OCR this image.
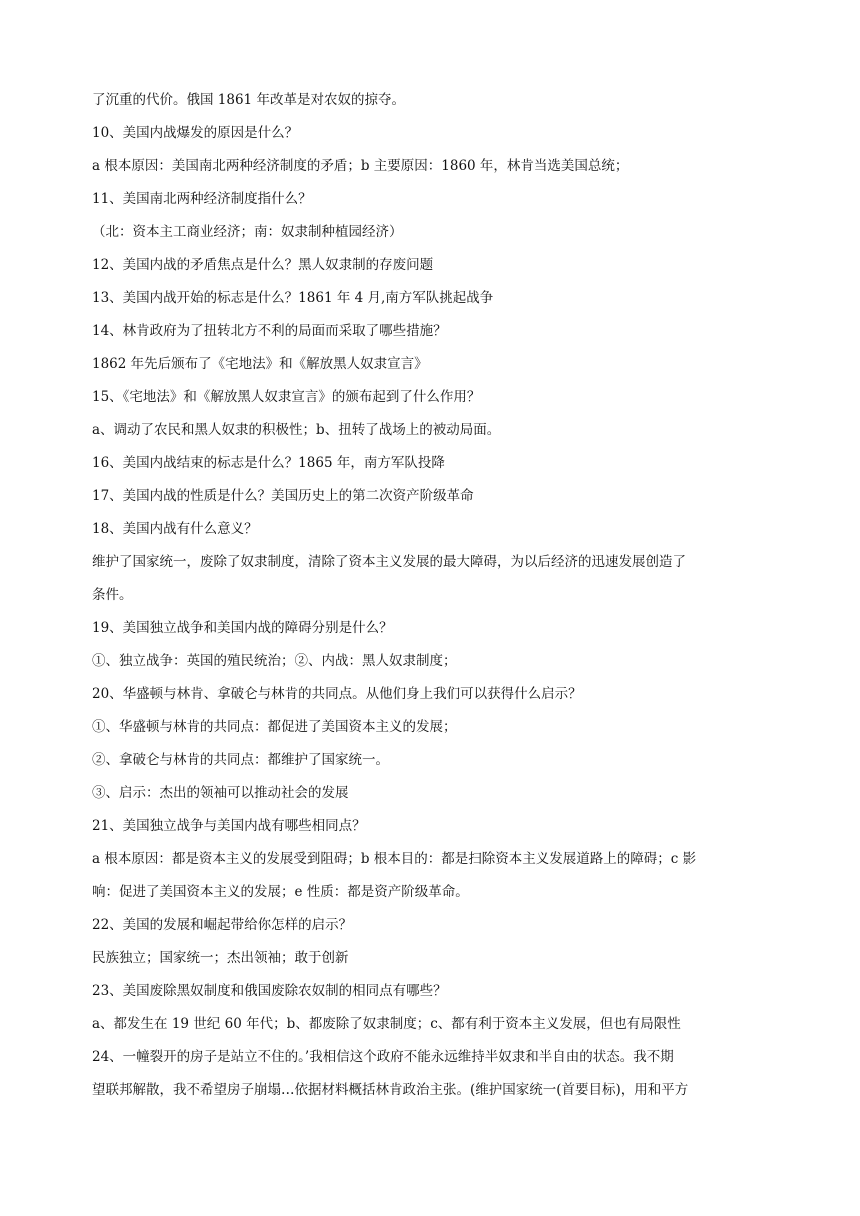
了沉重的代价。俄国 1861 年改革是对农奴的掠夺。
10、美国内战爆发的原因是什么？
a 根本原因：美国南北两种经济制度的矛盾；b 主要原因：1860 年，林肯当选美国总统；
11、美国南北两种经济制度指什么？
（北：资本主工商业经济；南：奴隶制种植园经济）
12、美国内战的矛盾焦点是什么？黑人奴隶制的存废问题
13、美国内战开始的标志是什么？1861 年 4 月,南方军队挑起战争
14、林肯政府为了扭转北方不利的局面而采取了哪些措施？
1862 年先后颁布了《宅地法》和《解放黑人奴隶宣言》
15、《宅地法》和《解放黑人奴隶宣言》的颁布起到了什么作用？
a、调动了农民和黑人奴隶的积极性；b、扭转了战场上的被动局面。
16、美国内战结束的标志是什么？1865 年，南方军队投降
17、美国内战的性质是什么？美国历史上的第二次资产阶级革命
18、美国内战有什么意义？
维护了国家统一，废除了奴隶制度，清除了资本主义发展的最大障碍，为以后经济的迅速发展创造了
条件。
19、美国独立战争和美国内战的障碍分别是什么？
①、独立战争：英国的殖民统治；②、内战：黑人奴隶制度；
20、华盛顿与林肯、拿破仑与林肯的共同点。从他们身上我们可以获得什么启示？
①、华盛顿与林肯的共同点：都促进了美国资本主义的发展；
②、拿破仑与林肯的共同点：都维护了国家统一。
③、启示：杰出的领袖可以推动社会的发展
21、美国独立战争与美国内战有哪些相同点？
a 根本原因：都是资本主义的发展受到阻碍；b 根本目的：都是扫除资本主义发展道路上的障碍；c 影
响：促进了美国资本主义的发展；e 性质：都是资产阶级革命。
22、美国的发展和崛起带给你怎样的启示？
民族独立；国家统一；杰出领袖；敢于创新
23、美国废除黑奴制度和俄国废除农奴制的相同点有哪些？
a、都发生在 19 世纪 60 年代；b、都废除了奴隶制度；c、都有利于资本主义发展，但也有局限性
24、一幢裂开的房子是站立不住的。’我相信这个政府不能永远维持半奴隶和半自由的状态。我不期
望联邦解散，我不希望房子崩塌…依据材料概括林肯政治主张。(维护国家统一(首要目标)，用和平方
